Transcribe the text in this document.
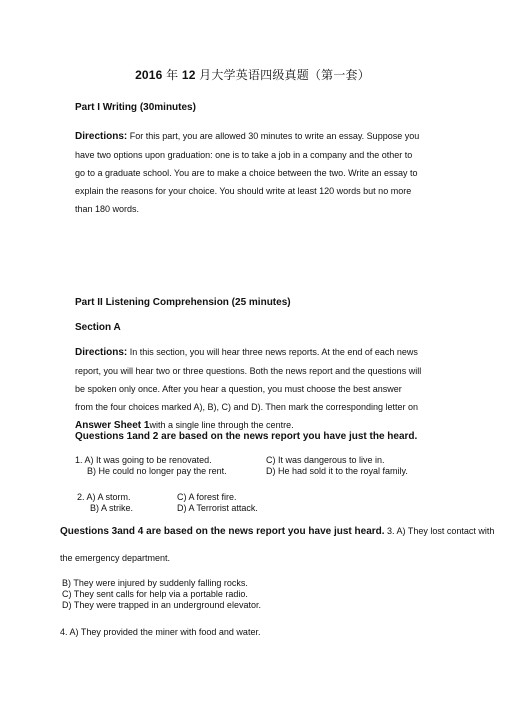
2016 年 12 月大学英语四级真题（第一套）
Part I Writing (30minutes)
Directions: For this part, you are allowed 30 minutes to write an essay. Suppose you
have two options upon graduation: one is to take a job in a company and the other to
go to a graduate school. You are to make a choice between the two. Write an essay to
explain the reasons for your choice. You should write at least 120 words but no more
than 180 words.
Part II Listening Comprehension (25 minutes)
Section A
Directions: In this section, you will hear three news reports. At the end of each news
report, you will hear two or three questions. Both the news report and the questions will
be spoken only once. After you hear a question, you must choose the best answer
from the four choices marked A), B), C) and D). Then mark the corresponding letter on
Answer Sheet 1with a single line through the centre.
Questions 1and 2 are based on the news report you have just the heard.
1. A) It was going to be renovated.
B) He could no longer pay the rent.
C) It was dangerous to live in.
D) He had sold it to the royal family.
2. A) A storm.
B) A strike.
C) A forest fire.
D) A Terrorist attack.
Questions 3and 4 are based on the news report you have just heard. 3. A) They lost contact with
the emergency department.
B) They were injured by suddenly falling rocks.
C) They sent calls for help via a portable radio.
D) They were trapped in an underground elevator.
4. A) They provided the miner with food and water.
